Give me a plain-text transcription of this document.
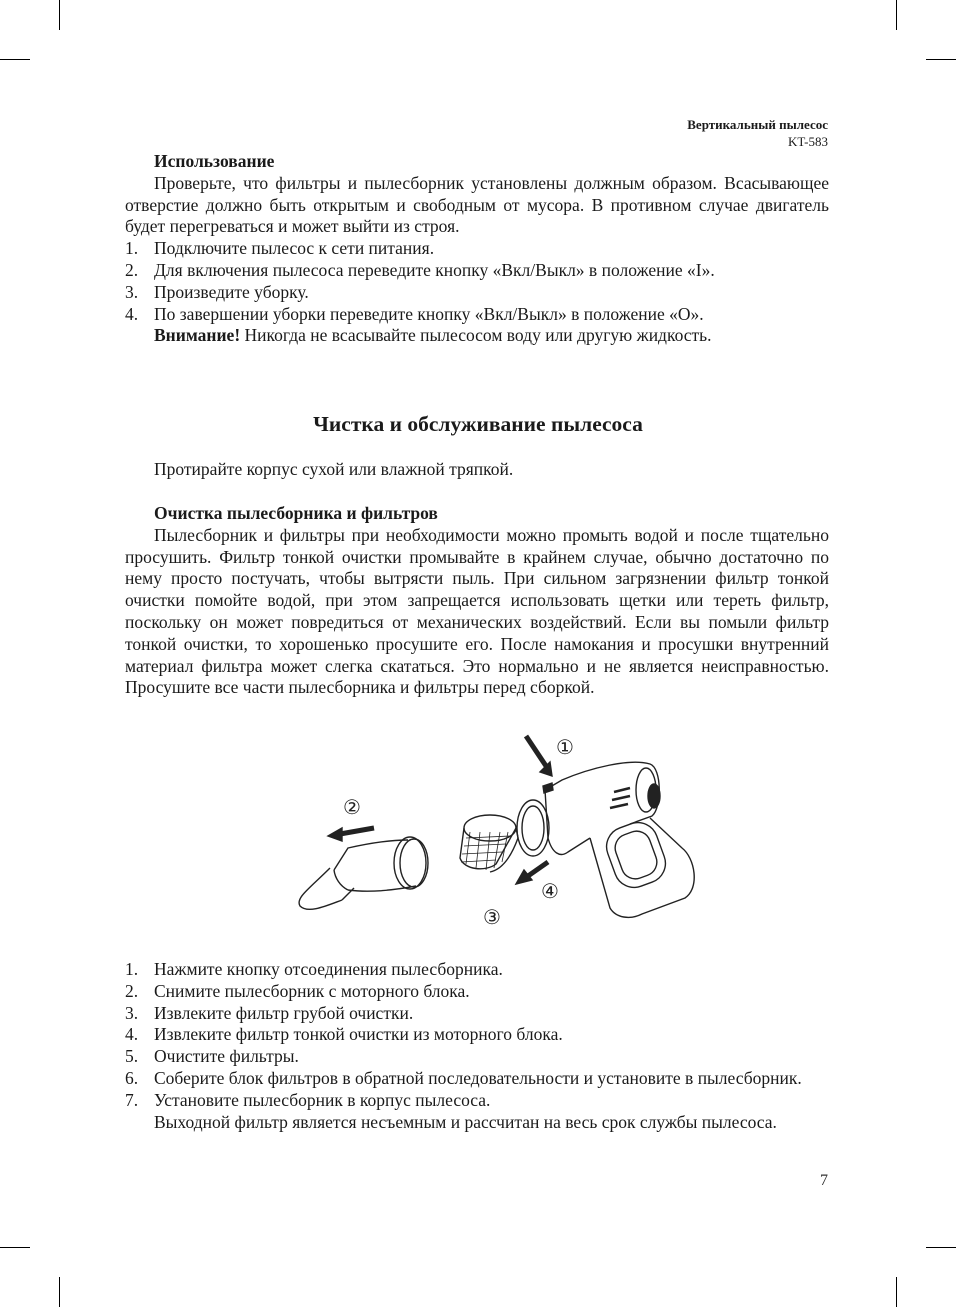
Вертикальный пылесос
KT-583

Использование

Проверьте, что фильтры и пылесборник установлены должным образом. Всасывающее отверстие должно быть открытым и свободным от мусора. В противном случае двигатель будет перегреваться и может выйти из строя.

1. Подключите пылесос к сети питания.
2. Для включения пылесоса переведите кнопку «Вкл/Выкл» в положение «I».
3. Произведите уборку.
4. По завершении уборки переведите кнопку «Вкл/Выкл» в положение «О».

Внимание! Никогда не всасывайте пылесосом воду или другую жидкость.

Чистка и обслуживание пылесоса

Протирайте корпус сухой или влажной тряпкой.

Очистка пылесборника и фильтров

Пылесборник и фильтры при необходимости можно промыть водой и после тщательно просушить. Фильтр тонкой очистки промывайте в крайнем случае, обычно достаточно по нему просто постучать, чтобы вытрясти пыль. При сильном загрязнении фильтр тонкой очистки помойте водой, при этом запрещается использовать щетки или тереть фильтр, поскольку он может повредиться от механических воздействий. Если вы помыли фильтр тонкой очистки, то хорошенько просушите его. После намокания и просушки внутренний материал фильтра может слегка скататься. Это нормально и не является неисправностью. Просушите все части пылесборника и фильтры перед сборкой.

①
②
③
④
1. Нажмите кнопку отсоединения пылесборника.
2. Снимите пылесборник с моторного блока.
3. Извлеките фильтр грубой очистки.
4. Извлеките фильтр тонкой очистки из моторного блока.
5. Очистите фильтры.
6. Соберите блок фильтров в обратной последовательности и установите в пылесборник.
7. Установите пылесборник в корпус пылесоса.

Выходной фильтр является несъемным и рассчитан на весь срок службы пылесоса.

7
